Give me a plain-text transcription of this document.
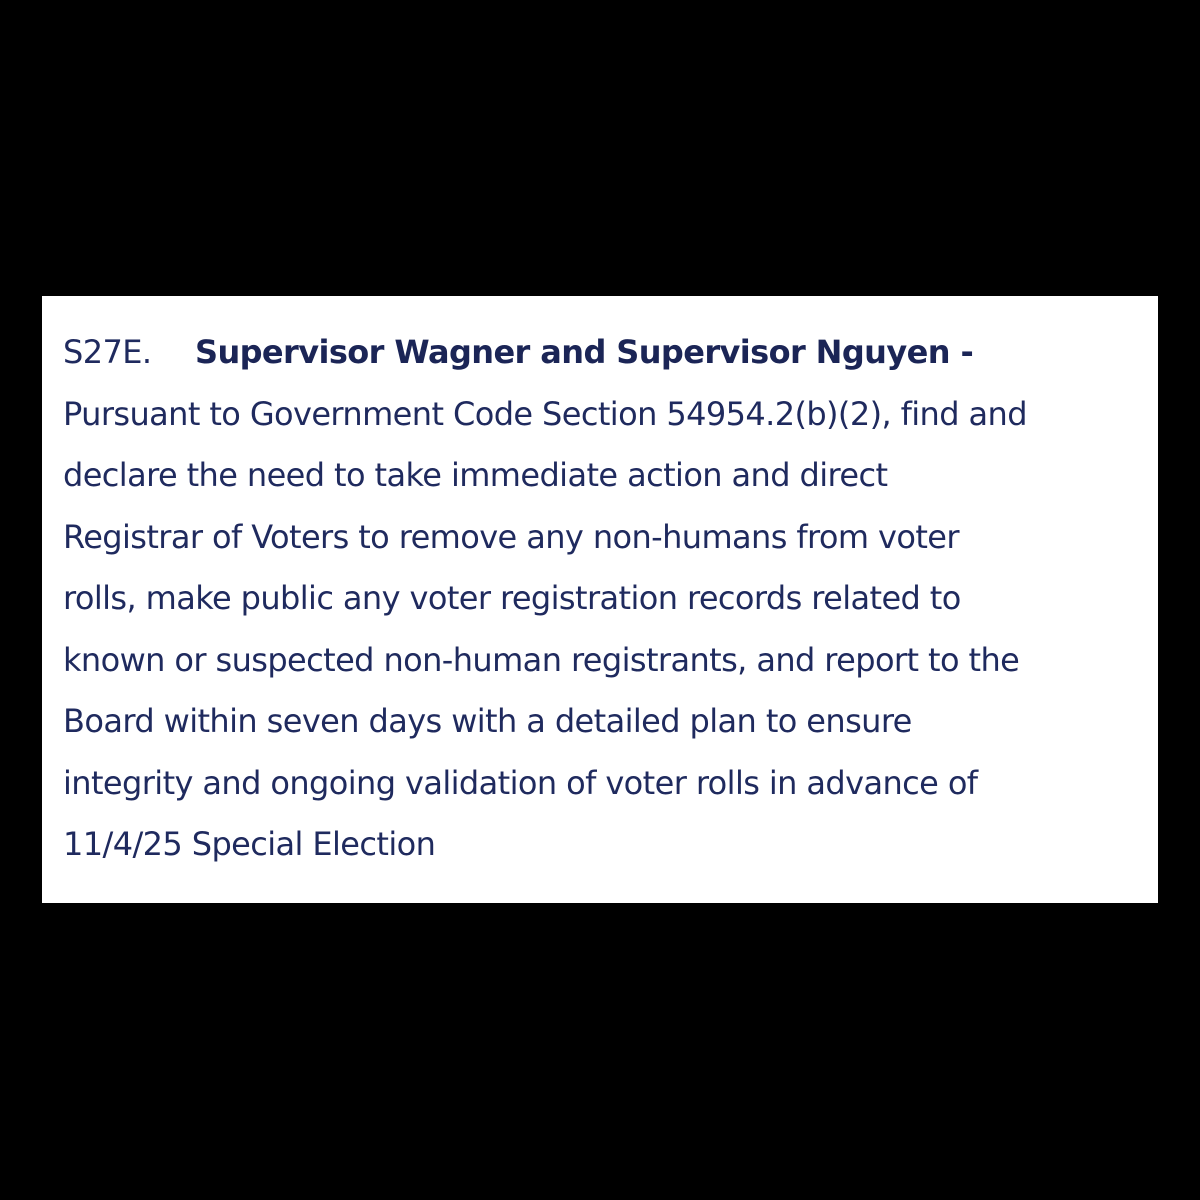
S27E. Supervisor Wagner and Supervisor Nguyen -
Pursuant to Government Code Section 54954.2(b)(2), find and
declare the need to take immediate action and direct
Registrar of Voters to remove any non-humans from voter
rolls, make public any voter registration records related to
known or suspected non-human registrants, and report to the
Board within seven days with a detailed plan to ensure
integrity and ongoing validation of voter rolls in advance of
11/4/25 Special Election
